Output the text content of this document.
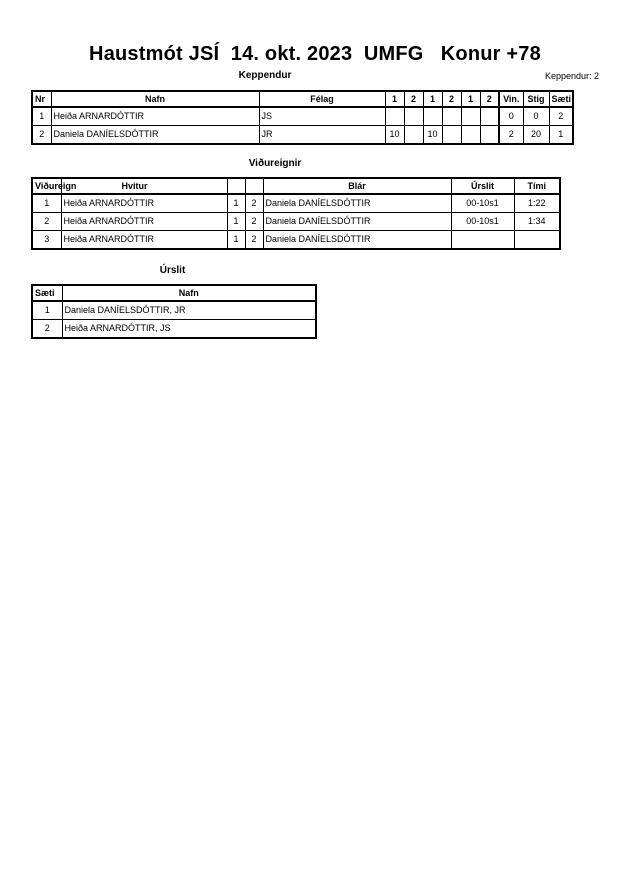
Haustmót JSÍ  14. okt. 2023  UMFG   Konur +78
Keppendur	Keppendur: 2
Nr	Nafn	Félag	1	2	1	2	1	2	Vin.	Stig	Sæti
1	Heiða ARNARDÓTTIR	JS							0	0	2
2	Daniela DANÍELSDÓTTIR	JR	10		10				2	20	1
Viðureignir
Viðureign	Hvitur			Blár	Úrslit	Tími
1	Heiða ARNARDÓTTIR	1	2	Daniela DANÍELSDÓTTIR	00-10s1	1:22
2	Heiða ARNARDÓTTIR	1	2	Daniela DANÍELSDÓTTIR	00-10s1	1:34
3	Heiða ARNARDÓTTIR	1	2	Daniela DANÍELSDÓTTIR		
Úrslit
Sæti	Nafn
1	Daniela DANÍELSDÓTTIR, JR
2	Heiða ARNARDÓTTIR, JS
